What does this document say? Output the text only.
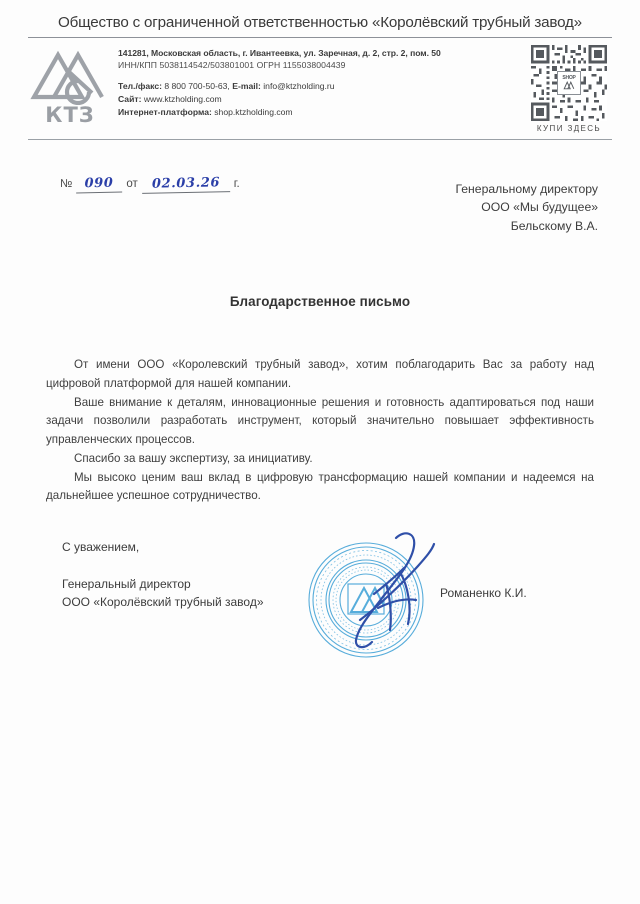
Общество с ограниченной ответственностью «Королёвский трубный завод»
КТЗ
141281, Московская область, г. Ивантеевка, ул. Заречная, д. 2, стр. 2, пом. 50
ИНН/КПП 5038114542/503801001 ОГРН 1155038004439
Тел./факс: 8 800 700-50-63, E-mail: info@ktzholding.ru
Сайт: www.ktzholding.com
Интернет-платформа: shop.ktzholding.com
SHOP
КУПИ ЗДЕСЬ
№ 090	от	02.03.26	г.	Генеральному директору
ООО «Мы будущее»
Бельскому В.А.
Благодарственное письмо

От имени ООО «Королевский трубный завод», хотим поблагодарить Вас за работу над цифровой платформой для нашей компании.

Ваше внимание к деталям, инновационные решения и готовность адаптироваться под наши задачи позволили разработать инструмент, который значительно повышает эффективность управленческих процессов.

Спасибо за вашу экспертизу, за инициативу.

Мы высоко ценим ваш вклад в цифровую трансформацию нашей компании и надеемся на дальнейшее успешное сотрудничество.

С уважением,
Генеральный директор
ООО «Королёвский трубный завод»
Романенко К.И.
